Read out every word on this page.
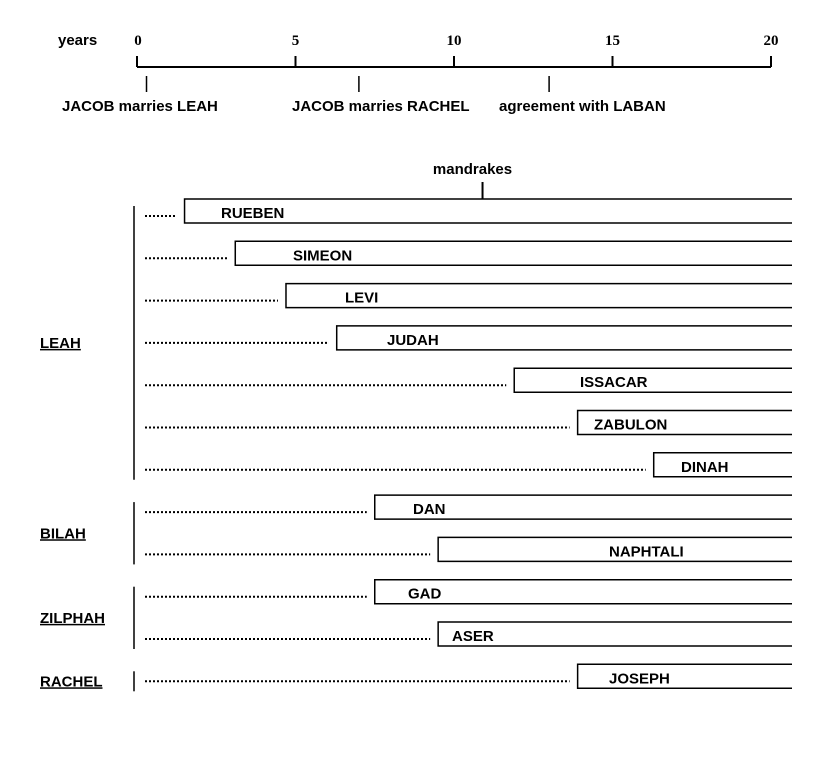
years 0	5	10	15	20
JACOB marries LEAH	JACOB marries RACHEL agreement with LABAN
mandrakes
RUEBEN
SIMEON
LEVI
JUDAH
ISSACAR
ZABULON
DINAH
DAN
NAPHTALI
GAD
ASER
JOSEPH
LEAH
BILAH
ZILPHAH
RACHEL
